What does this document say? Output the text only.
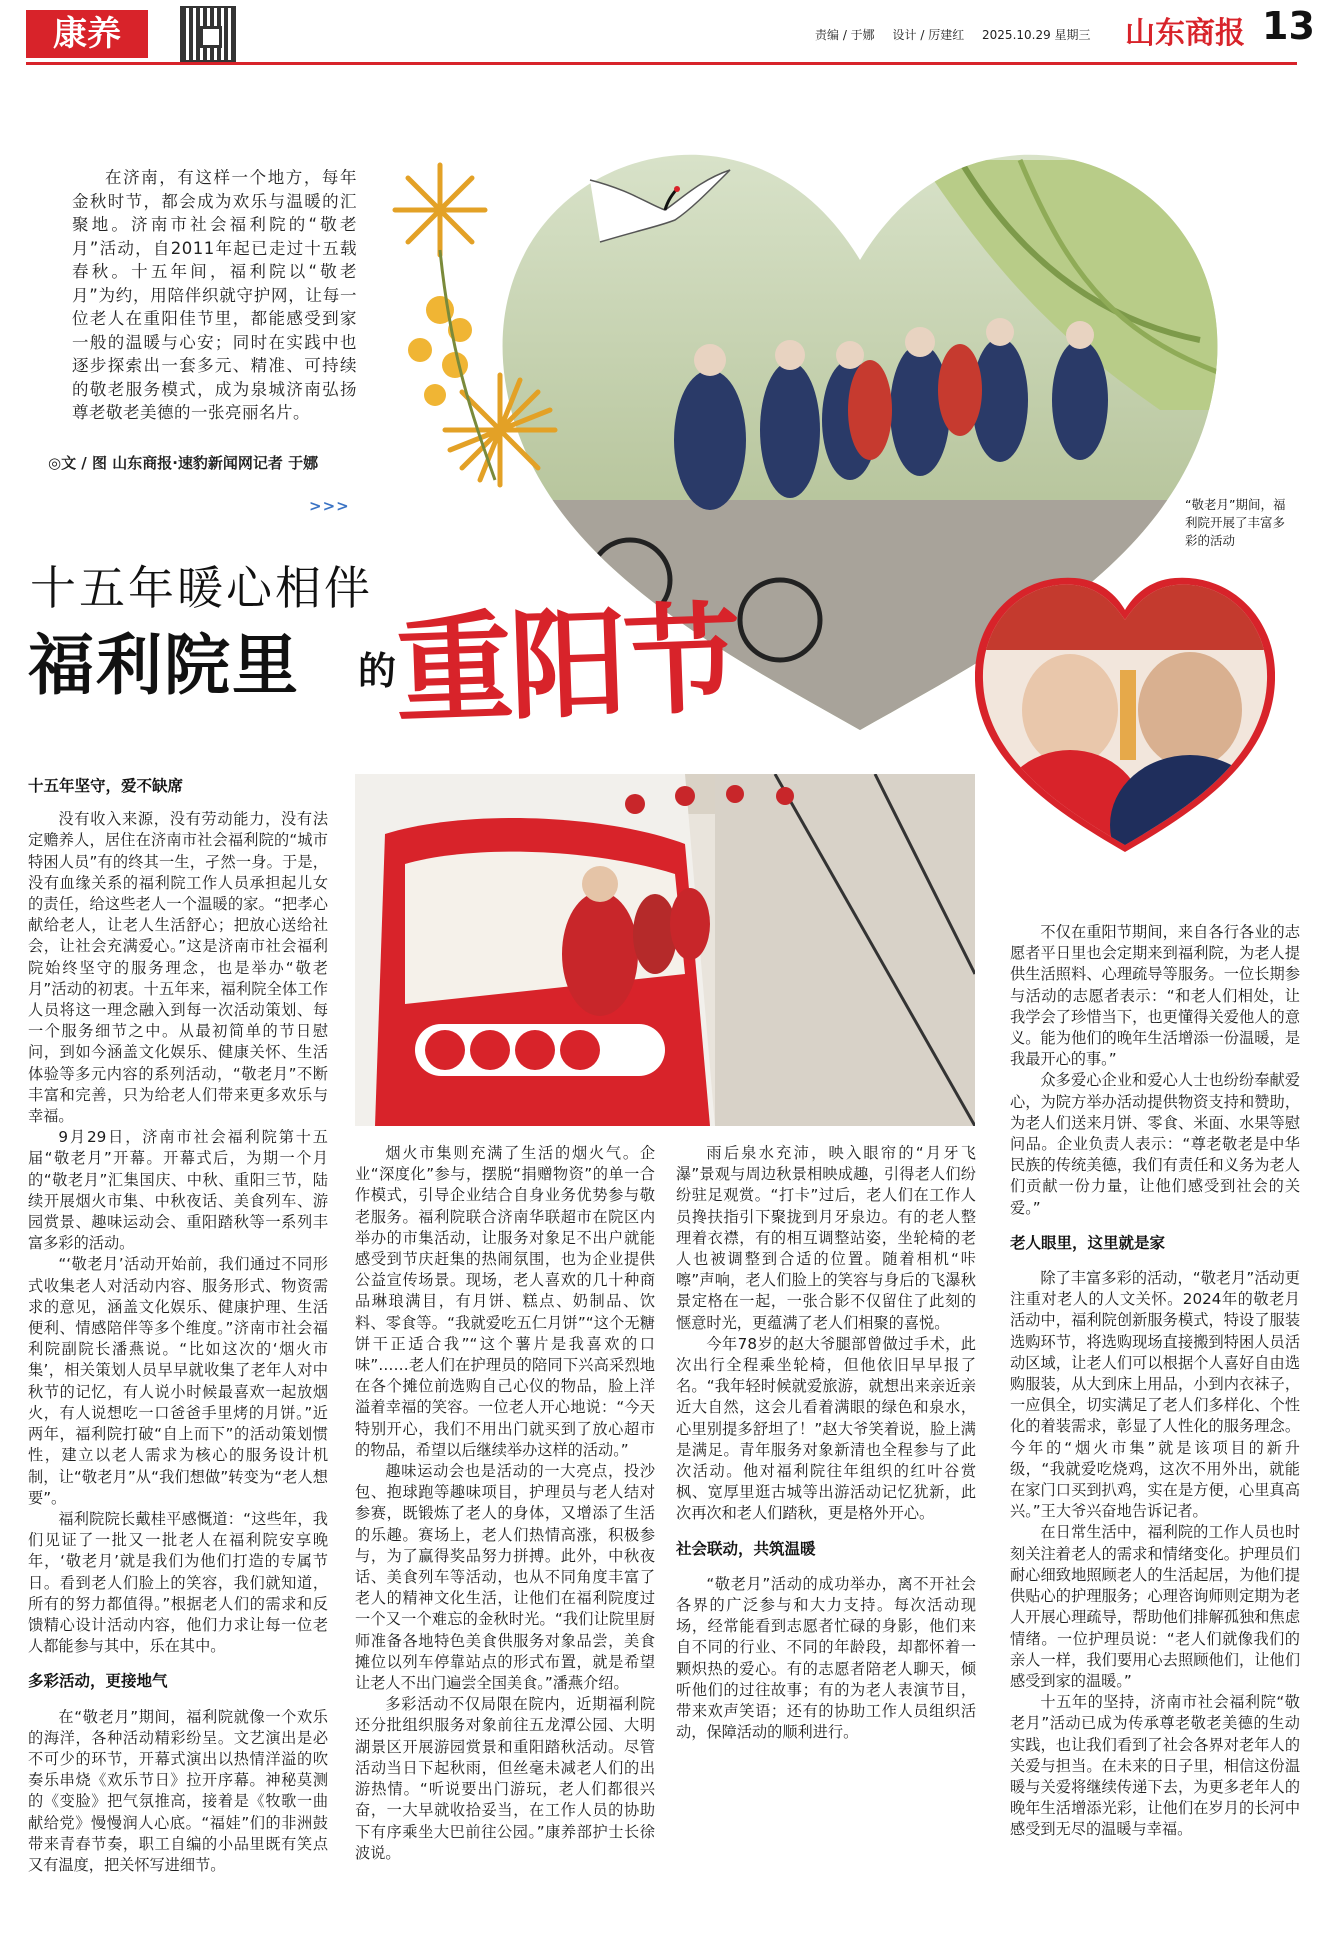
康养	责编 / 于娜 设计 / 厉建红 2025.10.29 星期三	山东商报 13

在济南，有这样一个地方，每年金秋时节，都会成为欢乐与温暖的汇聚地。济南市社会福利院的“敬老月”活动，自2011年起已走过十五载春秋。十五年间，福利院以“敬老月”为约，用陪伴织就守护网，让每一位老人在重阳佳节里，都能感受到家一般的温暖与心安；同时在实践中也逐步探索出一套多元、精准、可持续的敬老服务模式，成为泉城济南弘扬尊老敬老美德的一张亮丽名片。

◎文 / 图 山东商报·速豹新闻网记者 于娜
>>>
十五年暖心相伴
福利院里 的
重阳节
“敬老月”期间，福利院开展了丰富多彩的活动
十五年坚守，爱不缺席

没有收入来源，没有劳动能力，没有法定赡养人，居住在济南市社会福利院的“城市特困人员”有的终其一生，孑然一身。于是，没有血缘关系的福利院工作人员承担起儿女的责任，给这些老人一个温暖的家。“把孝心献给老人，让老人生活舒心；把放心送给社会，让社会充满爱心。”这是济南市社会福利院始终坚守的服务理念，也是举办“敬老月”活动的初衷。十五年来，福利院全体工作人员将这一理念融入到每一次活动策划、每一个服务细节之中。从最初简单的节日慰问，到如今涵盖文化娱乐、健康关怀、生活体验等多元内容的系列活动，“敬老月”不断丰富和完善，只为给老人们带来更多欢乐与幸福。

9月29日，济南市社会福利院第十五届“敬老月”开幕。开幕式后，为期一个月的“敬老月”汇集国庆、中秋、重阳三节，陆续开展烟火市集、中秋夜话、美食列车、游园赏景、趣味运动会、重阳踏秋等一系列丰富多彩的活动。

“‘敬老月’活动开始前，我们通过不同形式收集老人对活动内容、服务形式、物资需求的意见，涵盖文化娱乐、健康护理、生活便利、情感陪伴等多个维度。”济南市社会福利院副院长潘燕说。“比如这次的‘烟火市集’，相关策划人员早早就收集了老年人对中秋节的记忆，有人说小时候最喜欢一起放烟火，有人说想吃一口爸爸手里烤的月饼。”近两年，福利院打破“自上而下”的活动策划惯性，建立以老人需求为核心的服务设计机制，让“敬老月”从“我们想做”转变为“老人想要”。

福利院院长戴桂平感慨道：“这些年，我们见证了一批又一批老人在福利院安享晚年，‘敬老月’就是我们为他们打造的专属节日。看到老人们脸上的笑容，我们就知道，所有的努力都值得。”根据老人们的需求和反馈精心设计活动内容，他们力求让每一位老人都能参与其中，乐在其中。

多彩活动，更接地气

在“敬老月”期间，福利院就像一个欢乐的海洋，各种活动精彩纷呈。文艺演出是必不可少的环节，开幕式演出以热情洋溢的吹奏乐串烧《欢乐节日》拉开序幕。神秘莫测的《变脸》把气氛推高，接着是《牧歌一曲献给党》慢慢润人心底。“福娃”们的非洲鼓带来青春节奏，职工自编的小品里既有笑点又有温度，把关怀写进细节。

烟火市集则充满了生活的烟火气。企业“深度化”参与，摆脱“捐赠物资”的单一合作模式，引导企业结合自身业务优势参与敬老服务。福利院联合济南华联超市在院区内举办的市集活动，让服务对象足不出户就能感受到节庆赶集的热闹氛围，也为企业提供公益宣传场景。现场，老人喜欢的几十种商品琳琅满目，有月饼、糕点、奶制品、饮料、零食等。“我就爱吃五仁月饼”“这个无糖饼干正适合我”“这个薯片是我喜欢的口味”……老人们在护理员的陪同下兴高采烈地在各个摊位前选购自己心仪的物品，脸上洋溢着幸福的笑容。一位老人开心地说：“今天特别开心，我们不用出门就买到了放心超市的物品，希望以后继续举办这样的活动。”

趣味运动会也是活动的一大亮点，投沙包、抱球跑等趣味项目，护理员与老人结对参赛，既锻炼了老人的身体，又增添了生活的乐趣。赛场上，老人们热情高涨，积极参与，为了赢得奖品努力拼搏。此外，中秋夜话、美食列车等活动，也从不同角度丰富了老人的精神文化生活，让他们在福利院度过一个又一个难忘的金秋时光。“我们让院里厨师准备各地特色美食供服务对象品尝，美食摊位以列车停靠站点的形式布置，就是希望让老人不出门遍尝全国美食。”潘燕介绍。

多彩活动不仅局限在院内，近期福利院还分批组织服务对象前往五龙潭公园、大明湖景区开展游园赏景和重阳踏秋活动。尽管活动当日下起秋雨，但丝毫未减老人们的出游热情。“听说要出门游玩，老人们都很兴奋，一大早就收拾妥当，在工作人员的协助下有序乘坐大巴前往公园。”康养部护士长徐波说。

雨后泉水充沛，映入眼帘的“月牙飞瀑”景观与周边秋景相映成趣，引得老人们纷纷驻足观赏。“打卡”过后，老人们在工作人员搀扶指引下聚拢到月牙泉边。有的老人整理着衣襟，有的相互调整站姿，坐轮椅的老人也被调整到合适的位置。随着相机“咔嚓”声响，老人们脸上的笑容与身后的飞瀑秋景定格在一起，一张合影不仅留住了此刻的惬意时光，更蕴满了老人们相聚的喜悦。

今年78岁的赵大爷腿部曾做过手术，此次出行全程乘坐轮椅，但他依旧早早报了名。“我年轻时候就爱旅游，就想出来亲近亲近大自然，这会儿看着满眼的绿色和泉水，心里别提多舒坦了！”赵大爷笑着说，脸上满是满足。青年服务对象新清也全程参与了此次活动。他对福利院往年组织的红叶谷赏枫、宽厚里逛古城等出游活动记忆犹新，此次再次和老人们踏秋，更是格外开心。

社会联动，共筑温暖

“敬老月”活动的成功举办，离不开社会各界的广泛参与和大力支持。每次活动现场，经常能看到志愿者忙碌的身影，他们来自不同的行业、不同的年龄段，却都怀着一颗炽热的爱心。有的志愿者陪老人聊天，倾听他们的过往故事；有的为老人表演节目，带来欢声笑语；还有的协助工作人员组织活动，保障活动的顺利进行。

不仅在重阳节期间，来自各行各业的志愿者平日里也会定期来到福利院，为老人提供生活照料、心理疏导等服务。一位长期参与活动的志愿者表示：“和老人们相处，让我学会了珍惜当下，也更懂得关爱他人的意义。能为他们的晚年生活增添一份温暖，是我最开心的事。”

众多爱心企业和爱心人士也纷纷奉献爱心，为院方举办活动提供物资支持和赞助，为老人们送来月饼、零食、米面、水果等慰问品。企业负责人表示：“尊老敬老是中华民族的传统美德，我们有责任和义务为老人们贡献一份力量，让他们感受到社会的关爱。”

老人眼里，这里就是家

除了丰富多彩的活动，“敬老月”活动更注重对老人的人文关怀。2024年的敬老月活动中，福利院创新服务模式，特设了服装选购环节，将选购现场直接搬到特困人员活动区域，让老人们可以根据个人喜好自由选购服装，从大到床上用品，小到内衣袜子，一应俱全，切实满足了老人们多样化、个性化的着装需求，彰显了人性化的服务理念。今年的“烟火市集”就是该项目的新升级，“我就爱吃烧鸡，这次不用外出，就能在家门口买到扒鸡，实在是方便，心里真高兴。”王大爷兴奋地告诉记者。

在日常生活中，福利院的工作人员也时刻关注着老人的需求和情绪变化。护理员们耐心细致地照顾老人的生活起居，为他们提供贴心的护理服务；心理咨询师则定期为老人开展心理疏导，帮助他们排解孤独和焦虑情绪。一位护理员说：“老人们就像我们的亲人一样，我们要用心去照顾他们，让他们感受到家的温暖。”

十五年的坚持，济南市社会福利院“敬老月”活动已成为传承尊老敬老美德的生动实践，也让我们看到了社会各界对老年人的关爱与担当。在未来的日子里，相信这份温暖与关爱将继续传递下去，为更多老年人的晚年生活增添光彩，让他们在岁月的长河中感受到无尽的温暖与幸福。
